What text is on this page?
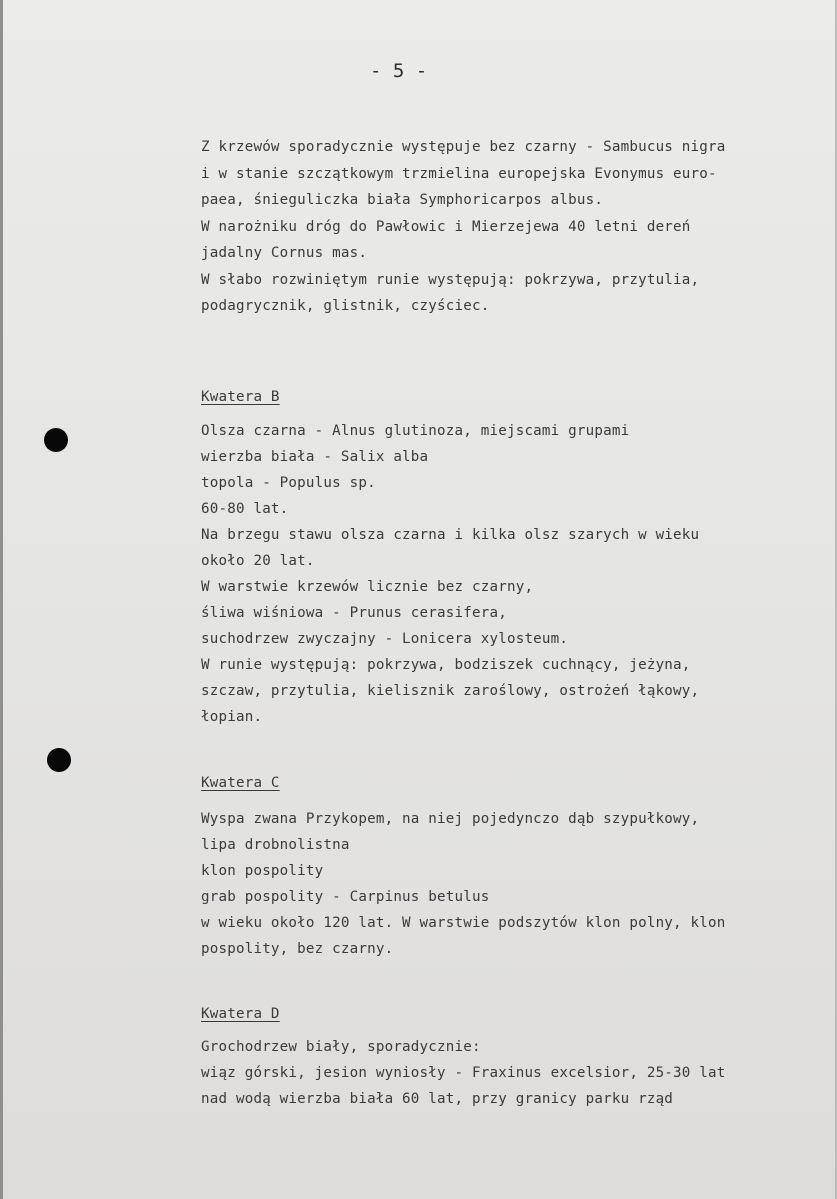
- 5 -
Z krzewów sporadycznie występuje bez czarny - Sambucus nigra
i w stanie szczątkowym trzmielina europejska Evonymus euro-
paea, śnieguliczka biała Symphoricarpos albus.
W narożniku dróg do Pawłowic i Mierzejewa 40 letni dereń
jadalny Cornus mas.
W słabo rozwiniętym runie występują: pokrzywa, przytulia,
podagrycznik, glistnik, czyściec.
Kwatera B
Olsza czarna - Alnus glutinoza, miejscami grupami
wierzba biała - Salix alba
topola - Populus sp.
60-80 lat.
Na brzegu stawu olsza czarna i kilka olsz szarych w wieku
około 20 lat.
W warstwie krzewów licznie bez czarny,
śliwa wiśniowa - Prunus cerasifera,
suchodrzew zwyczajny - Lonicera xylosteum.
W runie występują: pokrzywa, bodziszek cuchnący, jeżyna,
szczaw, przytulia, kielisznik zaroślowy, ostrożeń łąkowy,
łopian.
Kwatera C
Wyspa zwana Przykopem, na niej pojedynczo dąb szypułkowy,
lipa drobnolistna
klon pospolity
grab pospolity - Carpinus betulus
w wieku około 120 lat. W warstwie podszytów klon polny, klon
pospolity, bez czarny.
Kwatera D
Grochodrzew biały, sporadycznie:
wiąz górski, jesion wyniosły - Fraxinus excelsior, 25-30 lat
nad wodą wierzba biała 60 lat, przy granicy parku rząd
